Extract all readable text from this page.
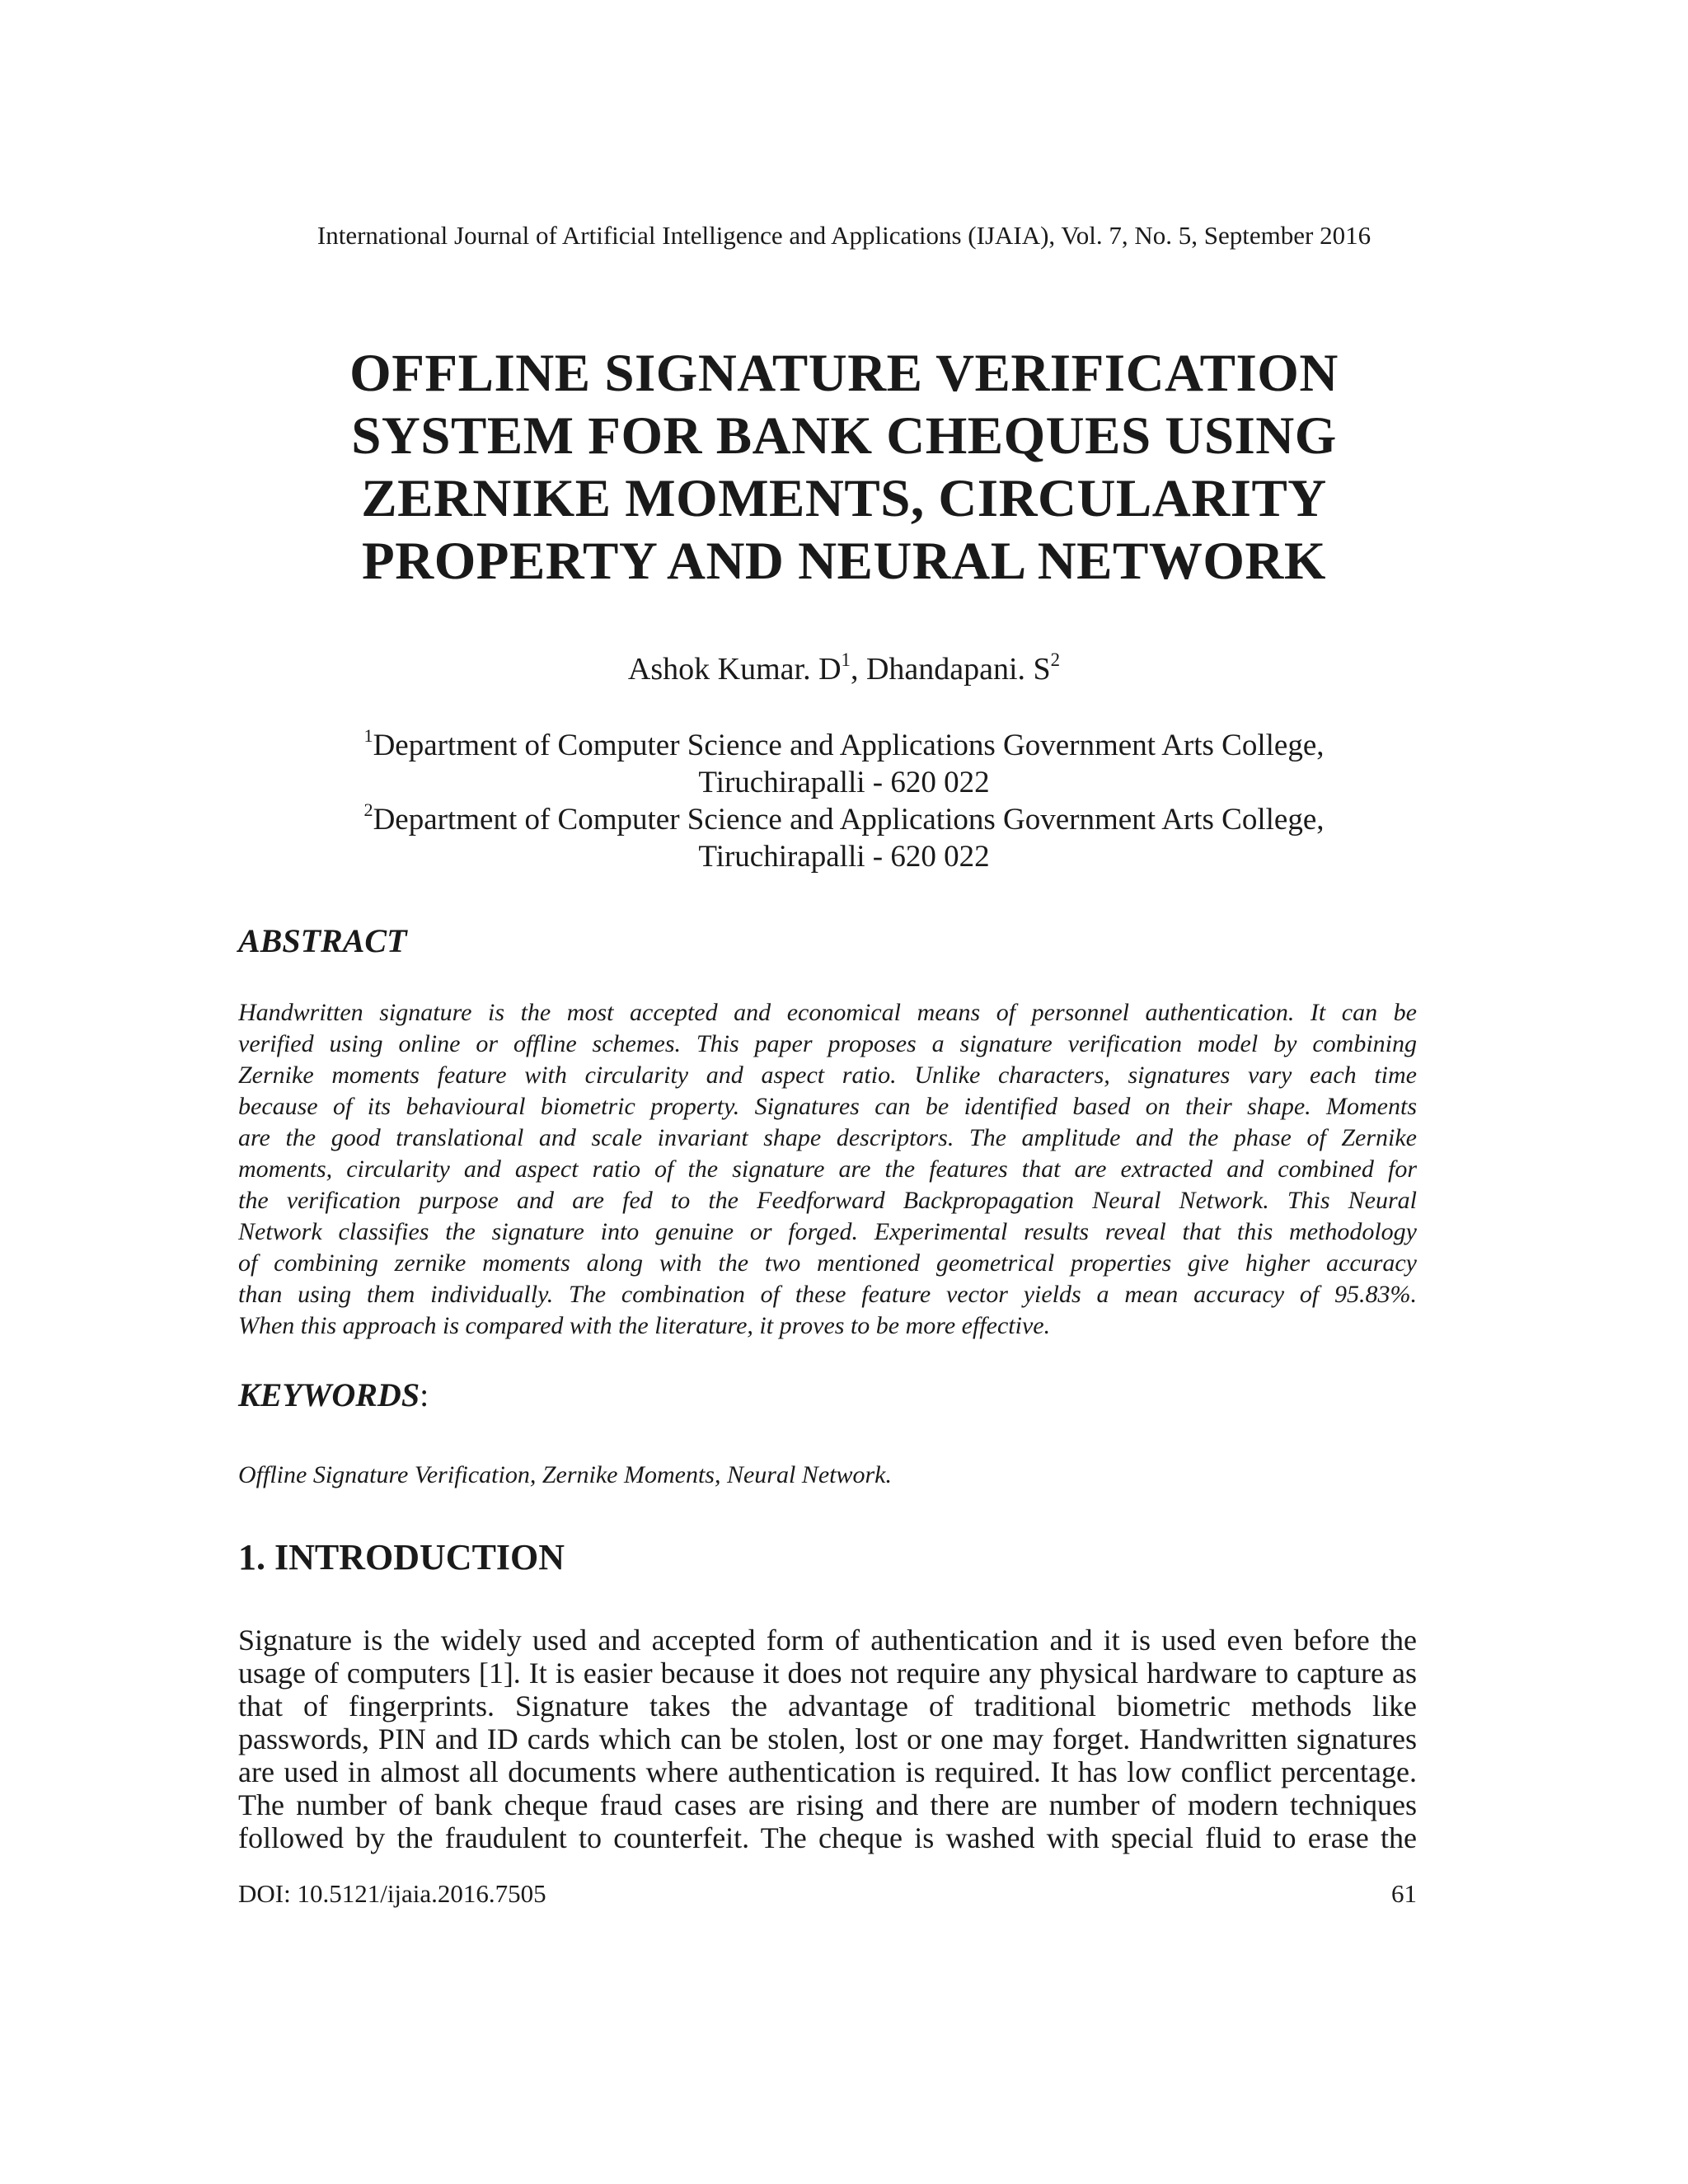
International Journal of Artificial Intelligence and Applications (IJAIA), Vol. 7, No. 5, September 2016
OFFLINE SIGNATURE VERIFICATION
SYSTEM FOR BANK CHEQUES USING
ZERNIKE MOMENTS, CIRCULARITY
PROPERTY AND NEURAL NETWORK
Ashok Kumar. $D^1$, Dhandapani. $S^2$
$^1$Department of Computer Science and Applications Government Arts College,
Tiruchirapalli - 620 022
$^2$Department of Computer Science and Applications Government Arts College,
Tiruchirapalli - 620 022
ABSTRACT
Handwritten signature is the most accepted and economical means of personnel authentication. It can be
verified using online or offline schemes. This paper proposes a signature verification model by combining
Zernike moments feature with circularity and aspect ratio. Unlike characters, signatures vary each time
because of its behavioural biometric property. Signatures can be identified based on their shape. Moments
are the good translational and scale invariant shape descriptors. The amplitude and the phase of Zernike
moments, circularity and aspect ratio of the signature are the features that are extracted and combined for
the verification purpose and are fed to the Feedforward Backpropagation Neural Network. This Neural
Network classifies the signature into genuine or forged. Experimental results reveal that this methodology
of combining zernike moments along with the two mentioned geometrical properties give higher accuracy
than using them individually. The combination of these feature vector yields a mean accuracy of 95.83%.
When this approach is compared with the literature, it proves to be more effective.
KEYWORDS:
Offline Signature Verification, Zernike Moments, Neural Network.
1. INTRODUCTION
Signature is the widely used and accepted form of authentication and it is used even before the
usage of computers [1]. It is easier because it does not require any physical hardware to capture as
that of fingerprints. Signature takes the advantage of traditional biometric methods like
passwords, PIN and ID cards which can be stolen, lost or one may forget. Handwritten signatures
are used in almost all documents where authentication is required. It has low conflict percentage.
The number of bank cheque fraud cases are rising and there are number of modern techniques
followed by the fraudulent to counterfeit. The cheque is washed with special fluid to erase the
DOI: 10.5121/ijaia.2016.7505	61
